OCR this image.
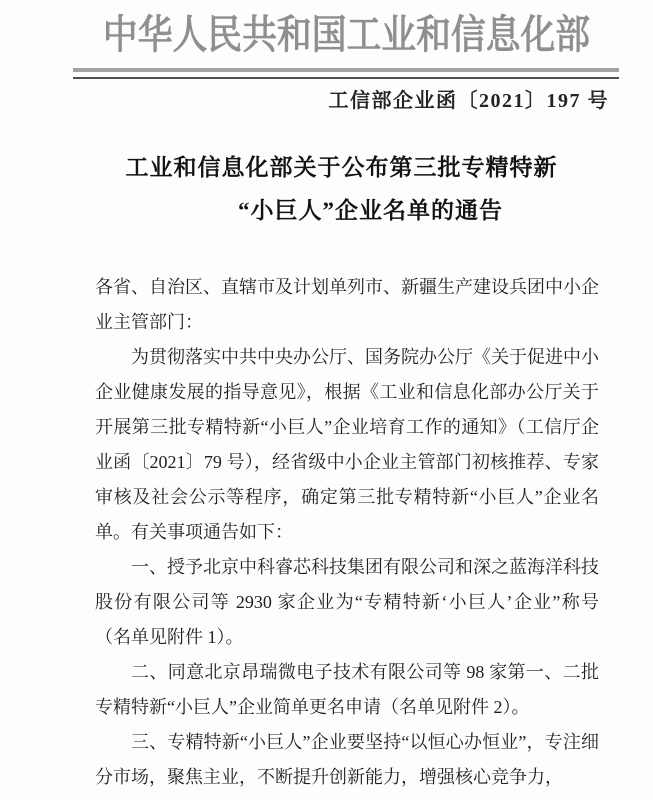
中华人民共和国工业和信息化部
工信部企业函〔2021〕197 号
工业和信息化部关于公布第三批专精特新
“小巨人”企业名单的通告

各省、自治区、直辖市及计划单列市、新疆生产建设兵团中小企业主管部门：

为贯彻落实中共中央办公厅、国务院办公厅《关于促进中小企业健康发展的指导意见》，根据《工业和信息化部办公厅关于开展第三批专精特新“小巨人”企业培育工作的通知》（工信厅企业函〔2021〕79 号），经省级中小企业主管部门初核推荐、专家审核及社会公示等程序，确定第三批专精特新“小巨人”企业名单。有关事项通告如下：

一、授予北京中科睿芯科技集团有限公司和深之蓝海洋科技股份有限公司等 2930 家企业为“专精特新‘小巨人’企业”称号（名单见附件 1）。

二、同意北京昂瑞微电子技术有限公司等 98 家第一、二批专精特新“小巨人”企业简单更名申请（名单见附件 2）。

三、专精特新“小巨人”企业要坚持“以恒心办恒业”，专注细分市场，聚焦主业，不断提升创新能力，增强核心竞争力，
